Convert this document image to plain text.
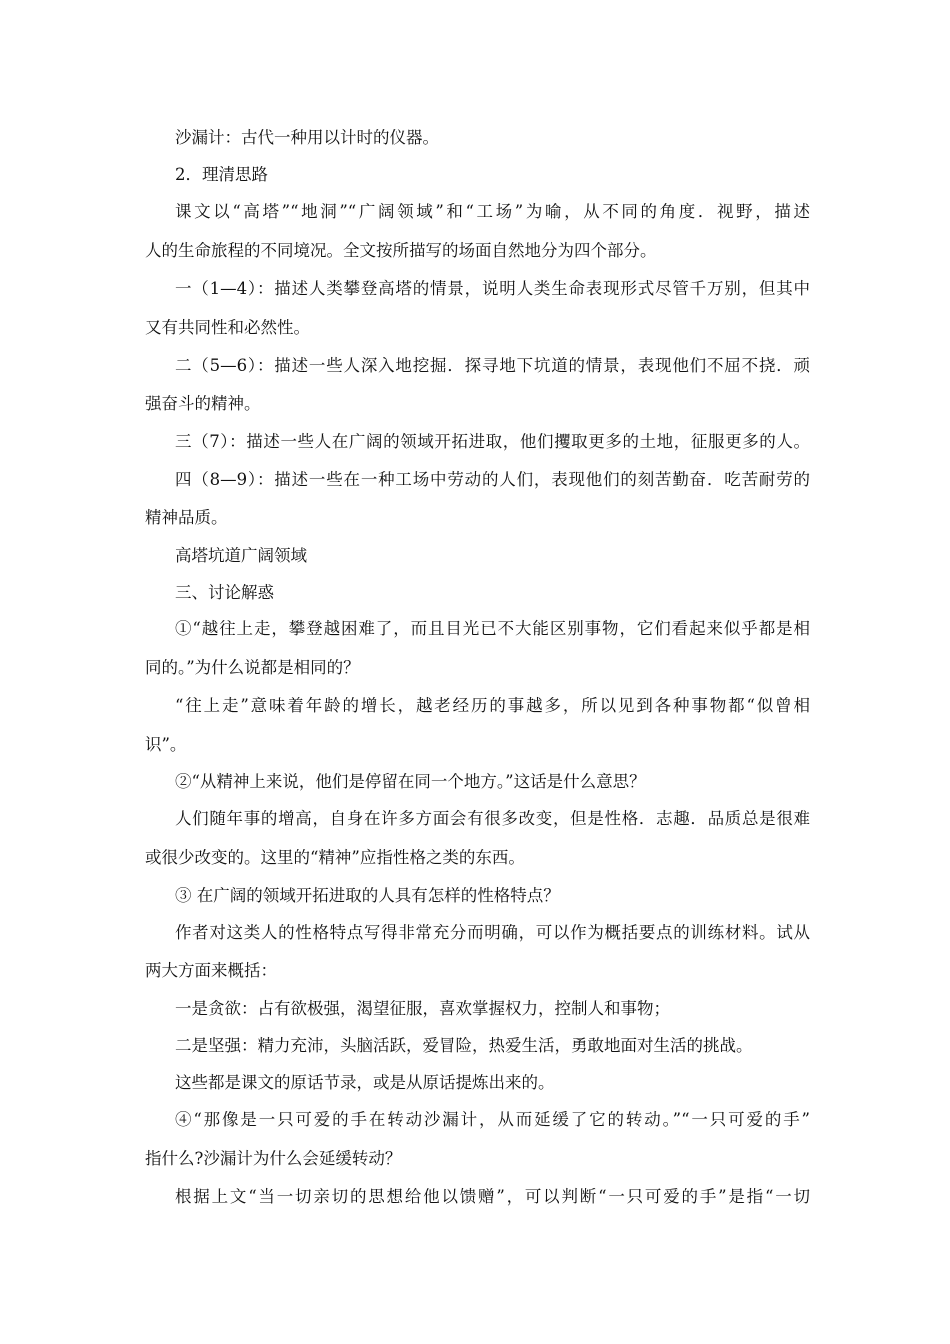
沙漏计：古代一种用以计时的仪器。
2．理清思路
课文以“高塔”“地洞”“广阔领域”和“工场”为喻，从不同的角度．视野，描述
人的生命旅程的不同境况。全文按所描写的场面自然地分为四个部分。
一（1—4）：描述人类攀登高塔的情景，说明人类生命表现形式尽管千万别，但其中
又有共同性和必然性。
二（5—6）：描述一些人深入地挖掘．探寻地下坑道的情景，表现他们不屈不挠．顽
强奋斗的精神。
三（7）：描述一些人在广阔的领域开拓进取，他们攫取更多的土地，征服更多的人。
四（8—9）：描述一些在一种工场中劳动的人们，表现他们的刻苦勤奋．吃苦耐劳的
精神品质。
高塔坑道广阔领域
三、讨论解惑
①“越往上走，攀登越困难了，而且目光已不大能区别事物，它们看起来似乎都是相
同的。”为什么说都是相同的？
“往上走”意味着年龄的增长，越老经历的事越多，所以见到各种事物都“似曾相
识”。
②“从精神上来说，他们是停留在同一个地方。”这话是什么意思？
人们随年事的增高，自身在许多方面会有很多改变，但是性格．志趣．品质总是很难
或很少改变的。这里的“精神”应指性格之类的东西。
③ 在广阔的领域开拓进取的人具有怎样的性格特点？
作者对这类人的性格特点写得非常充分而明确，可以作为概括要点的训练材料。试从
两大方面来概括：
一是贪欲：占有欲极强，渴望征服，喜欢掌握权力，控制人和事物；
二是坚强：精力充沛，头脑活跃，爱冒险，热爱生活，勇敢地面对生活的挑战。
这些都是课文的原话节录，或是从原话提炼出来的。
④“那像是一只可爱的手在转动沙漏计，从而延缓了它的转动。”“一只可爱的手”
指什么?沙漏计为什么会延缓转动？
根据上文“当一切亲切的思想给他以馈赠”，可以判断“一只可爱的手”是指“一切
